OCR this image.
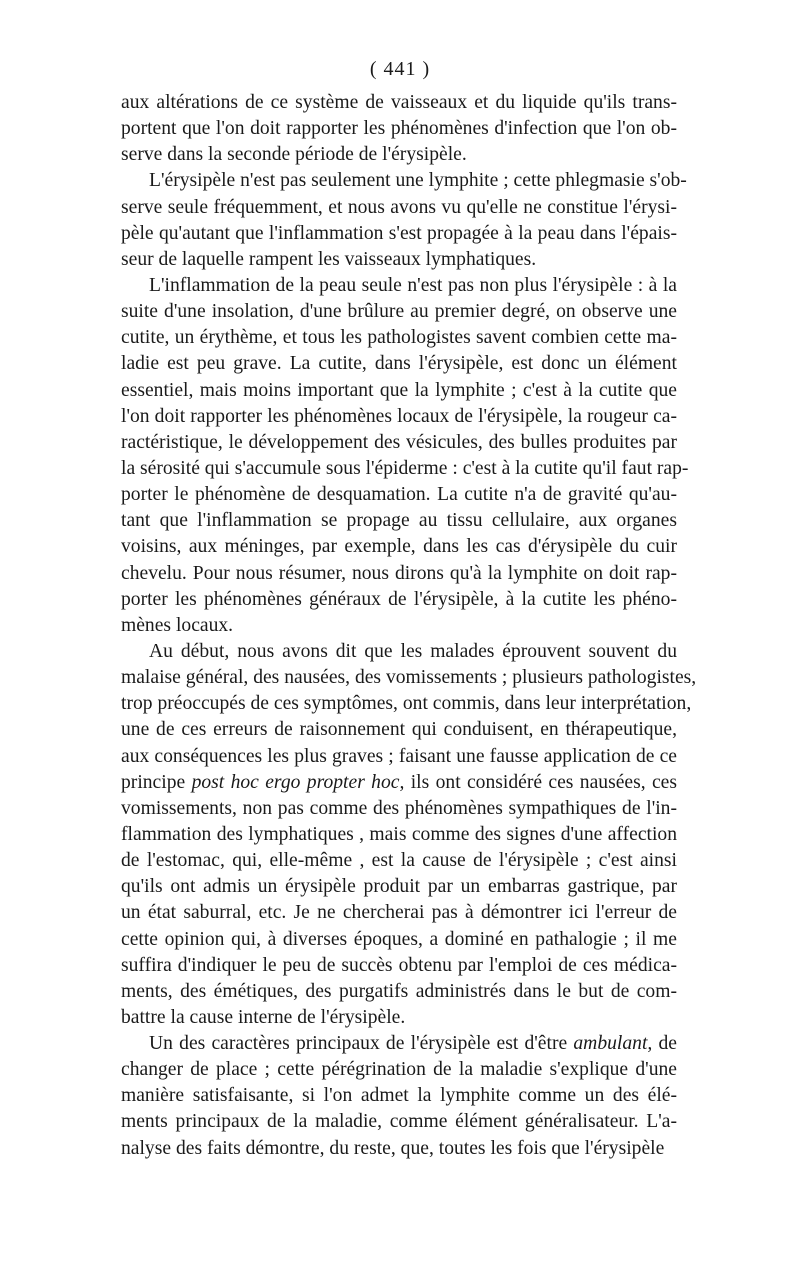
( 441 )
aux altérations de ce système de vaisseaux et du liquide qu'ils trans-
portent que l'on doit rapporter les phénomènes d'infection que l'on ob-
serve dans la seconde période de l'érysipèle.
L'érysipèle n'est pas seulement une lymphite ; cette phlegmasie s'ob-
serve seule fréquemment, et nous avons vu qu'elle ne constitue l'érysi-
pèle qu'autant que l'inflammation s'est propagée à la peau dans l'épais-
seur de laquelle rampent les vaisseaux lymphatiques.
L'inflammation de la peau seule n'est pas non plus l'érysipèle : à la
suite d'une insolation, d'une brûlure au premier degré, on observe une
cutite, un érythème, et tous les pathologistes savent combien cette ma-
ladie est peu grave. La cutite, dans l'érysipèle, est donc un élément
essentiel, mais moins important que la lymphite ; c'est à la cutite que
l'on doit rapporter les phénomènes locaux de l'érysipèle, la rougeur ca-
ractéristique, le développement des vésicules, des bulles produites par
la sérosité qui s'accumule sous l'épiderme : c'est à la cutite qu'il faut rap-
porter le phénomène de desquamation. La cutite n'a de gravité qu'au-
tant que l'inflammation se propage au tissu cellulaire, aux organes
voisins, aux méninges, par exemple, dans les cas d'érysipèle du cuir
chevelu. Pour nous résumer, nous dirons qu'à la lymphite on doit rap-
porter les phénomènes généraux de l'érysipèle, à la cutite les phéno-
mènes locaux.
Au début, nous avons dit que les malades éprouvent souvent du
malaise général, des nausées, des vomissements ; plusieurs pathologistes,
trop préoccupés de ces symptômes, ont commis, dans leur interprétation,
une de ces erreurs de raisonnement qui conduisent, en thérapeutique,
aux conséquences les plus graves ; faisant une fausse application de ce
principe post hoc ergo propter hoc, ils ont considéré ces nausées, ces
vomissements, non pas comme des phénomènes sympathiques de l'in-
flammation des lymphatiques , mais comme des signes d'une affection
de l'estomac, qui, elle-même , est la cause de l'érysipèle ; c'est ainsi
qu'ils ont admis un érysipèle produit par un embarras gastrique, par
un état saburral, etc. Je ne chercherai pas à démontrer ici l'erreur de
cette opinion qui, à diverses époques, a dominé en pathalogie ; il me
suffira d'indiquer le peu de succès obtenu par l'emploi de ces médica-
ments, des émétiques, des purgatifs administrés dans le but de com-
battre la cause interne de l'érysipèle.
Un des caractères principaux de l'érysipèle est d'être ambulant, de
changer de place ; cette pérégrination de la maladie s'explique d'une
manière satisfaisante, si l'on admet la lymphite comme un des élé-
ments principaux de la maladie, comme élément généralisateur. L'a-
nalyse des faits démontre, du reste, que, toutes les fois que l'érysipèle
